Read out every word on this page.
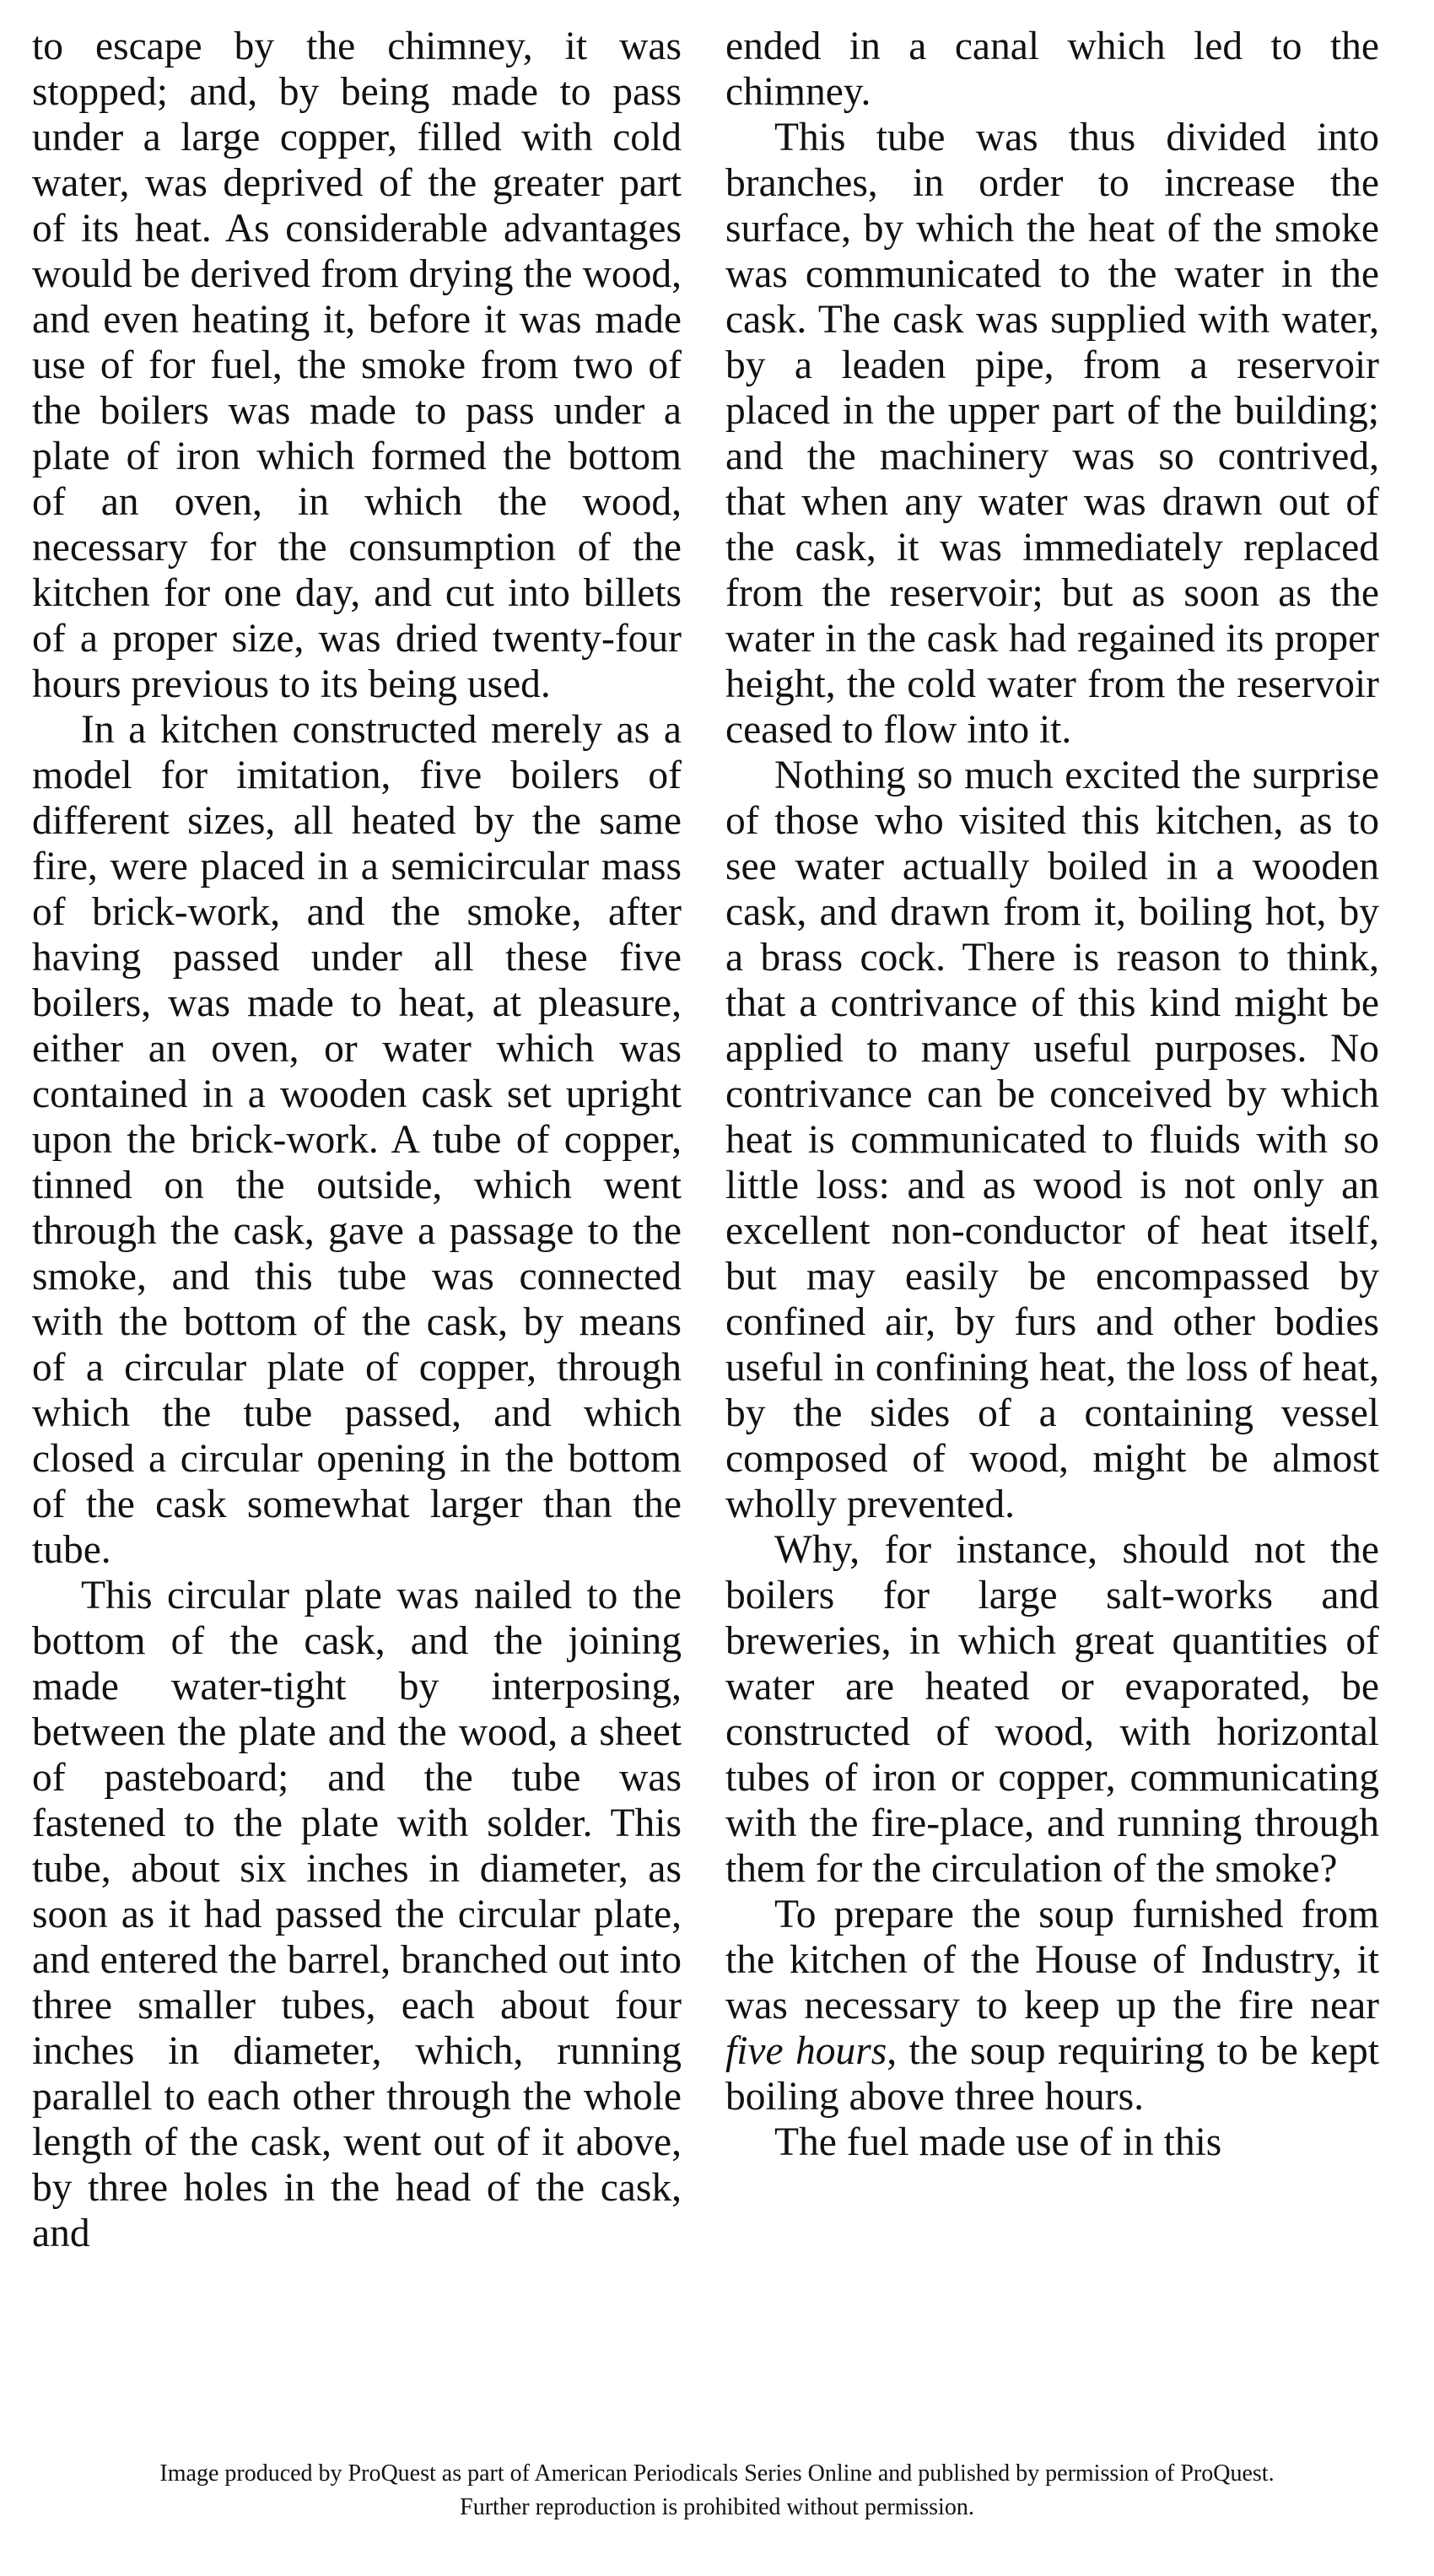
to escape by the chimney, it was stopped; and, by being made to pass under a large copper, filled with cold water, was deprived of the greater part of its heat. As considerable advantages would be derived from drying the wood, and even heating it, before it was made use of for fuel, the smoke from two of the boilers was made to pass under a plate of iron which formed the bottom of an oven, in which the wood, necessary for the consumption of the kitchen for one day, and cut into billets of a proper size, was dried twenty-four hours previous to its being used.

In a kitchen constructed merely as a model for imitation, five boilers of different sizes, all heated by the same fire, were placed in a semicircular mass of brick-work, and the smoke, after having passed under all these five boilers, was made to heat, at pleasure, either an oven, or water which was contained in a wooden cask set upright upon the brick-work. A tube of copper, tinned on the outside, which went through the cask, gave a passage to the smoke, and this tube was connected with the bottom of the cask, by means of a circular plate of copper, through which the tube passed, and which closed a circular opening in the bottom of the cask somewhat larger than the tube.

This circular plate was nailed to the bottom of the cask, and the joining made water-tight by interposing, between the plate and the wood, a sheet of pasteboard; and the tube was fastened to the plate with solder. This tube, about six inches in diameter, as soon as it had passed the circular plate, and entered the barrel, branched out into three smaller tubes, each about four inches in diameter, which, running parallel to each other through the whole length of the cask, went out of it above, by three holes in the head of the cask, and

ended in a canal which led to the chimney.

This tube was thus divided into branches, in order to increase the surface, by which the heat of the smoke was communicated to the water in the cask. The cask was supplied with water, by a leaden pipe, from a reservoir placed in the upper part of the building; and the machinery was so contrived, that when any water was drawn out of the cask, it was immediately replaced from the reservoir; but as soon as the water in the cask had regained its proper height, the cold water from the reservoir ceased to flow into it.

Nothing so much excited the surprise of those who visited this kitchen, as to see water actually boiled in a wooden cask, and drawn from it, boiling hot, by a brass cock. There is reason to think, that a contrivance of this kind might be applied to many useful purposes. No contrivance can be conceived by which heat is communicated to fluids with so little loss: and as wood is not only an excellent non-conductor of heat itself, but may easily be encompassed by confined air, by furs and other bodies useful in confining heat, the loss of heat, by the sides of a containing vessel composed of wood, might be almost wholly prevented.

Why, for instance, should not the boilers for large salt-works and breweries, in which great quantities of water are heated or evaporated, be constructed of wood, with horizontal tubes of iron or copper, communicating with the fire-place, and running through them for the circulation of the smoke?

To prepare the soup furnished from the kitchen of the House of Industry, it was necessary to keep up the fire near five hours, the soup requiring to be kept boiling above three hours.

The fuel made use of in this

Image produced by ProQuest as part of American Periodicals Series Online and published by permission of ProQuest.
Further reproduction is prohibited without permission.
